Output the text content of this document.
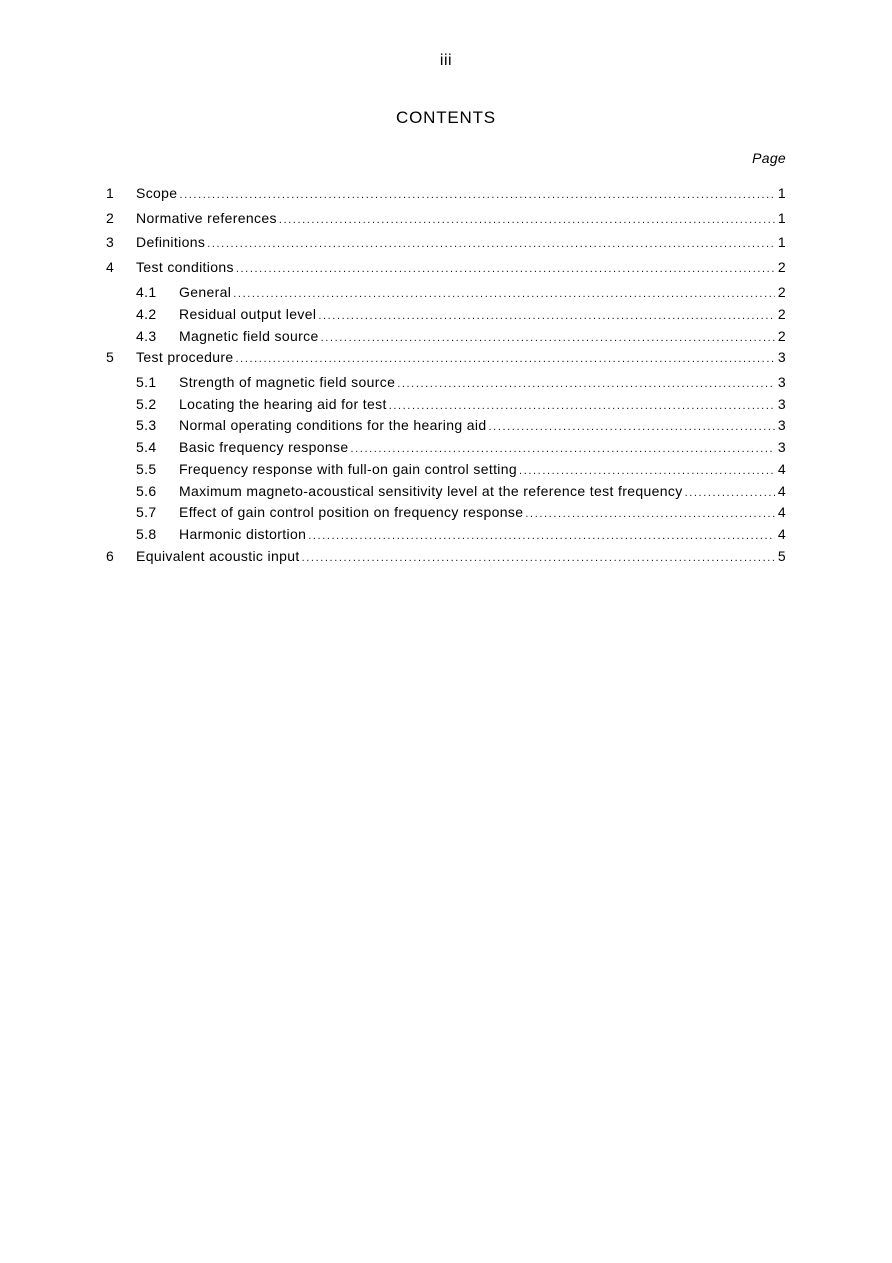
iii
CONTENTS
Page
1	Scope .....	1
2	Normative references .....	1
3	Definitions .....	1
4	Test conditions .....	2
4.1	General .....	2
4.2	Residual output level .....	2
4.3	Magnetic field source .....	2
5	Test procedure .....	3
5.1	Strength of magnetic field source .....	3
5.2	Locating the hearing aid for test .....	3
5.3	Normal operating conditions for the hearing aid .....	3
5.4	Basic frequency response .....	3
5.5	Frequency response with full-on gain control setting .....	4
5.6	Maximum magneto-acoustical sensitivity level at the reference test frequency .....	4
5.7	Effect of gain control position on frequency response .....	4
5.8	Harmonic distortion .....	4
6	Equivalent acoustic input .....	5
